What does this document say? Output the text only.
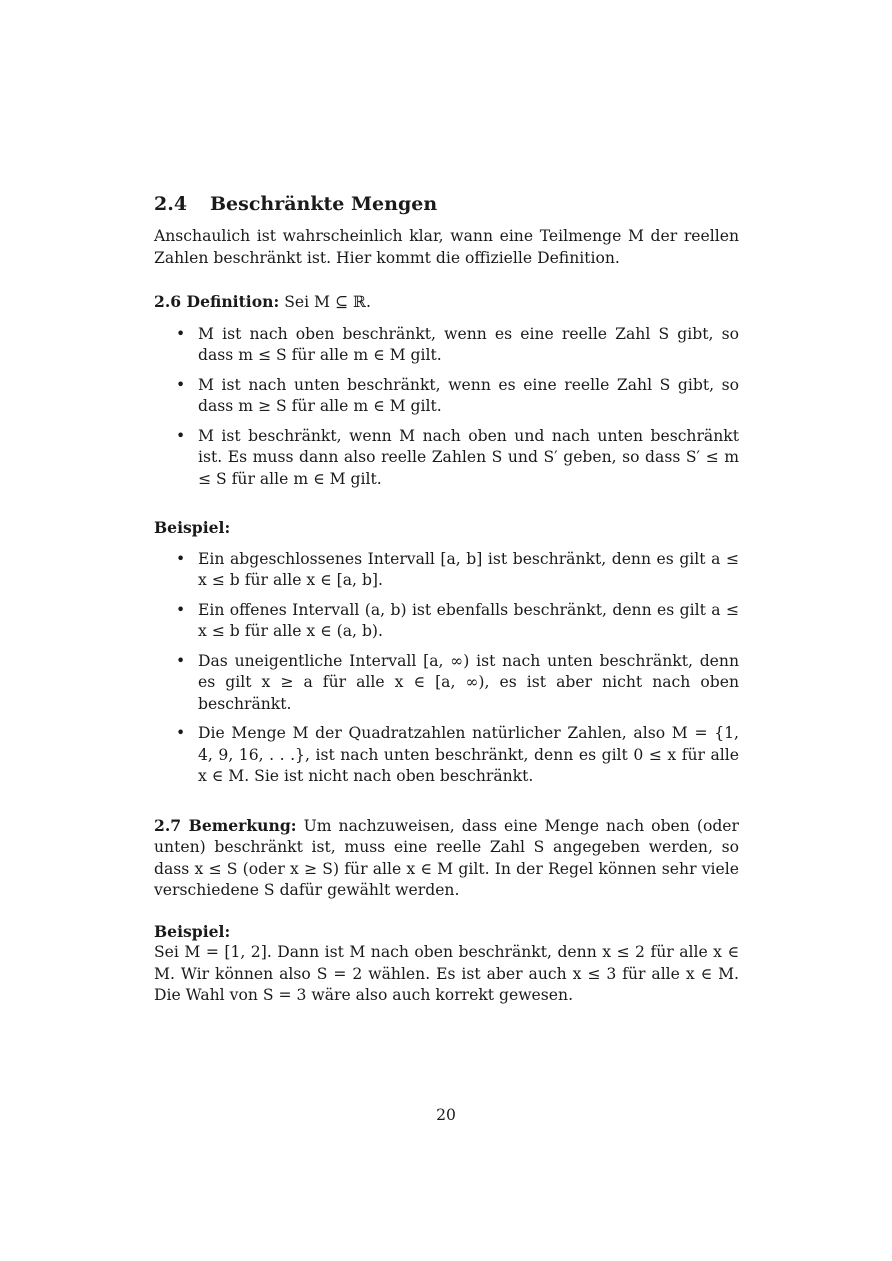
2.4 Beschränkte Mengen

Anschaulich ist wahrscheinlich klar, wann eine Teilmenge M der reellen Zahlen beschränkt ist. Hier kommt die offizielle Definition.

2.6 Definition: Sei M ⊆ ℝ.

• M ist nach oben beschränkt, wenn es eine reelle Zahl S gibt, so dass m ≤ S für alle m ∈ M gilt.
• M ist nach unten beschränkt, wenn es eine reelle Zahl S gibt, so dass m ≥ S für alle m ∈ M gilt.
• M ist beschränkt, wenn M nach oben und nach unten beschränkt ist. Es muss dann also reelle Zahlen S und S′ geben, so dass S′ ≤ m ≤ S für alle m ∈ M gilt.

Beispiel:

• Ein abgeschlossenes Intervall [a, b] ist beschränkt, denn es gilt a ≤ x ≤ b für alle x ∈ [a, b].
• Ein offenes Intervall (a, b) ist ebenfalls beschränkt, denn es gilt a ≤ x ≤ b für alle x ∈ (a, b).
• Das uneigentliche Intervall [a, ∞) ist nach unten beschränkt, denn es gilt x ≥ a für alle x ∈ [a, ∞), es ist aber nicht nach oben beschränkt.
• Die Menge M der Quadratzahlen natürlicher Zahlen, also M = {1, 4, 9, 16, . . .}, ist nach unten beschränkt, denn es gilt 0 ≤ x für alle x ∈ M. Sie ist nicht nach oben beschränkt.

2.7 Bemerkung: Um nachzuweisen, dass eine Menge nach oben (oder unten) beschränkt ist, muss eine reelle Zahl S angegeben werden, so dass x ≤ S (oder x ≥ S) für alle x ∈ M gilt. In der Regel können sehr viele verschiedene S dafür gewählt werden.

Beispiel:

Sei M = [1, 2]. Dann ist M nach oben beschränkt, denn x ≤ 2 für alle x ∈ M. Wir können also S = 2 wählen. Es ist aber auch x ≤ 3 für alle x ∈ M. Die Wahl von S = 3 wäre also auch korrekt gewesen.

20
